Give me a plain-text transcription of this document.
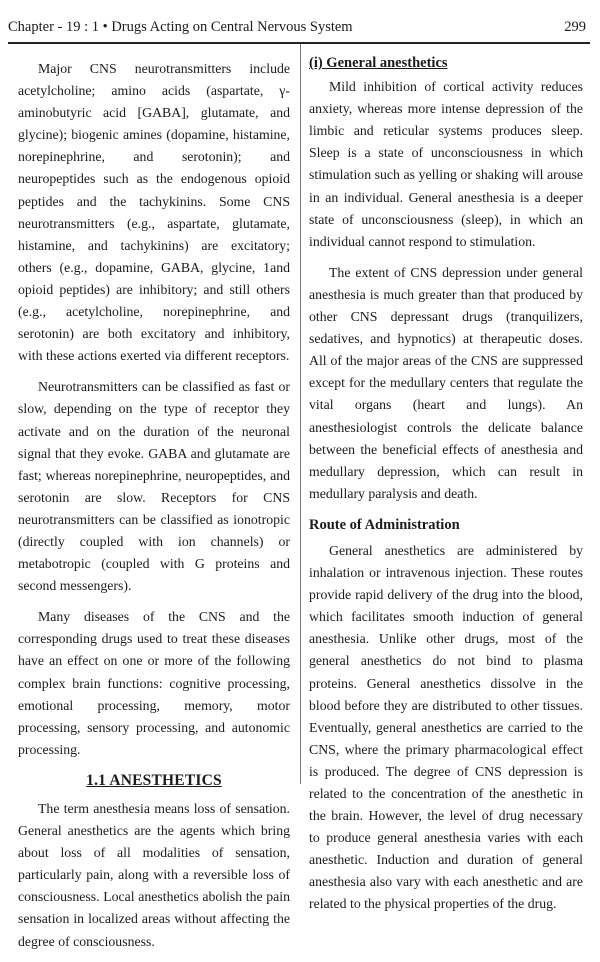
Chapter - 19 : 1 • Drugs Acting on Central Nervous System	299

Major CNS neurotransmitters include acetylcholine; amino acids (aspartate, γ-aminobutyric acid [GABA], glutamate, and glycine); biogenic amines (dopamine, histamine, norepinephrine, and serotonin); and neuropeptides such as the endogenous opioid peptides and the tachykinins. Some CNS neurotransmitters (e.g., aspartate, glutamate, histamine, and tachykinins) are excitatory; others (e.g., dopamine, GABA, glycine, 1and opioid peptides) are inhibitory; and still others (e.g., acetylcholine, norepinephrine, and serotonin) are both excitatory and inhibitory, with these actions exerted via different receptors.

Neurotransmitters can be classified as fast or slow, depending on the type of receptor they activate and on the duration of the neuronal signal that they evoke. GABA and glutamate are fast; whereas norepinephrine, neuropeptides, and serotonin are slow. Receptors for CNS neurotransmitters can be classified as ionotropic (directly coupled with ion channels) or metabotropic (coupled with G proteins and second messengers).

Many diseases of the CNS and the corresponding drugs used to treat these diseases have an effect on one or more of the following complex brain functions: cognitive processing, emotional processing, memory, motor processing, sensory processing, and autonomic processing.

1.1 ANESTHETICS

The term anesthesia means loss of sensation. General anesthetics are the agents which bring about loss of all modalities of sensation, particularly pain, along with a reversible loss of consciousness. Local anesthetics abolish the pain sensation in localized areas without affecting the degree of consciousness.

(i) General anesthetics

Mild inhibition of cortical activity reduces anxiety, whereas more intense depression of the limbic and reticular systems produces sleep. Sleep is a state of unconsciousness in which stimulation such as yelling or shaking will arouse in an individual. General anesthesia is a deeper state of unconsciousness (sleep), in which an individual cannot respond to stimulation.

The extent of CNS depression under general anesthesia is much greater than that produced by other CNS depressant drugs (tranquilizers, sedatives, and hypnotics) at therapeutic doses. All of the major areas of the CNS are suppressed except for the medullary centers that regulate the vital organs (heart and lungs). An anesthesiologist controls the delicate balance between the beneficial effects of anesthesia and medullary depression, which can result in medullary paralysis and death.

Route of Administration

General anesthetics are administered by inhalation or intravenous injection. These routes provide rapid delivery of the drug into the blood, which facilitates smooth induction of general anesthesia. Unlike other drugs, most of the general anesthetics do not bind to plasma proteins. General anesthetics dissolve in the blood before they are distributed to other tissues. Eventually, general anesthetics are carried to the CNS, where the primary pharmacological effect is produced. The degree of CNS depression is related to the concentration of the anesthetic in the brain. However, the level of drug necessary to produce general anesthesia varies with each anesthetic. Induction and duration of general anesthesia also vary with each anesthetic and are related to the physical properties of the drug.
